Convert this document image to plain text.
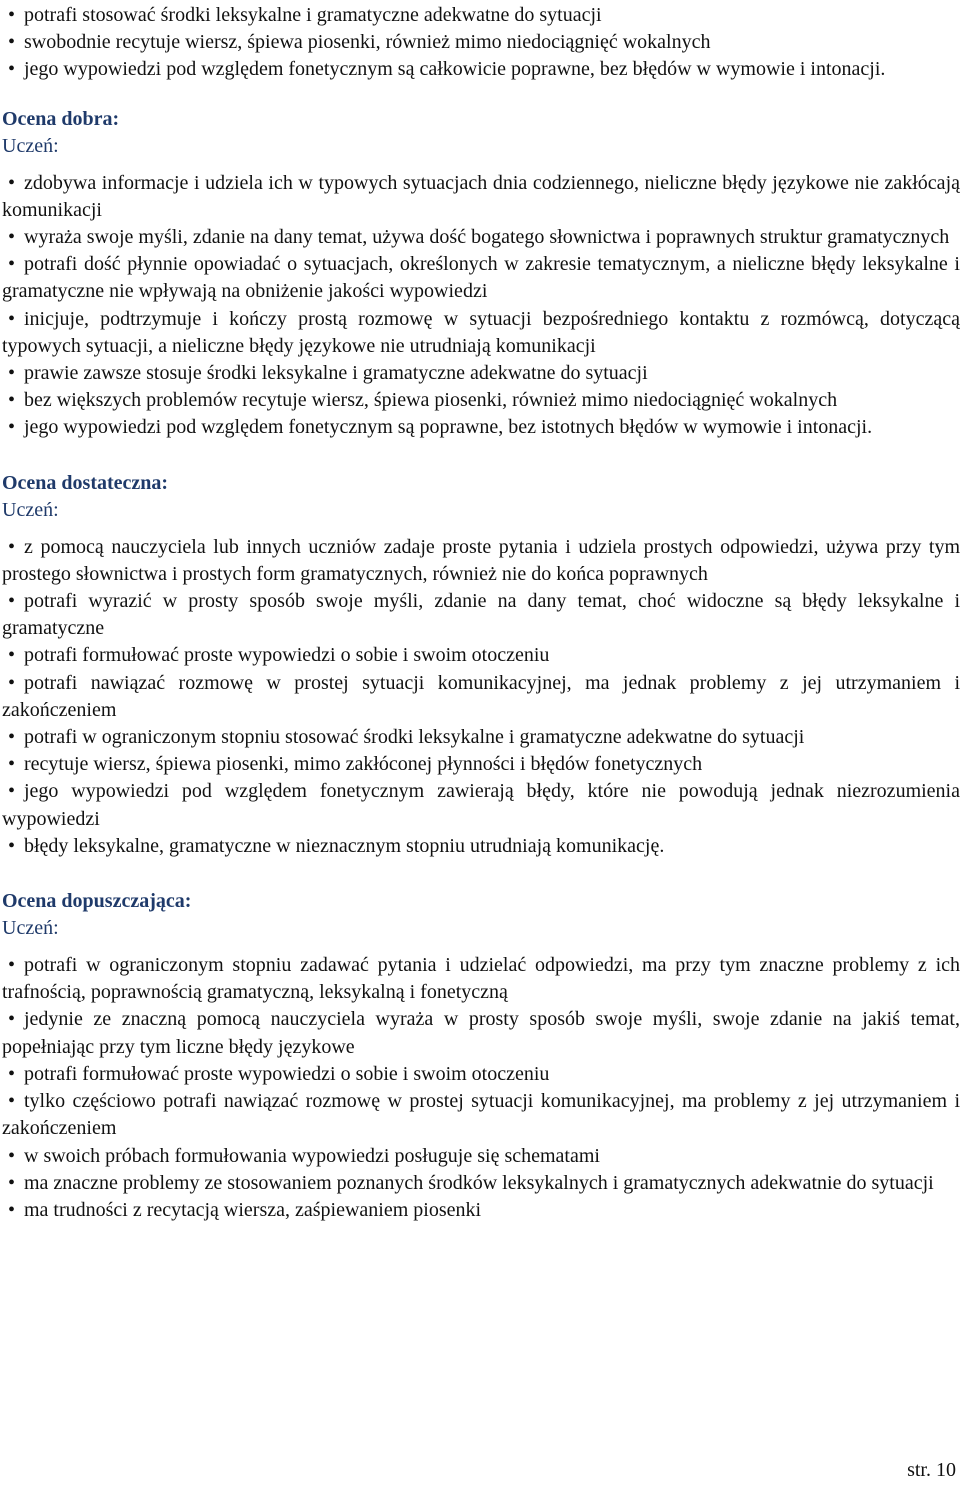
• potrafi stosować środki leksykalne i gramatyczne adekwatne do sytuacji

• swobodnie recytuje wiersz, śpiewa piosenki, również mimo niedociągnięć wokalnych

• jego wypowiedzi pod względem fonetycznym są całkowicie poprawne, bez błędów w wymowie i intonacji.

Ocena dobra:

Uczeń:

• zdobywa informacje i udziela ich w typowych sytuacjach dnia codziennego, nieliczne błędy językowe nie zakłócają komunikacji

• wyraża swoje myśli, zdanie na dany temat, używa dość bogatego słownictwa i poprawnych struktur gramatycznych

• potrafi dość płynnie opowiadać o sytuacjach, określonych w zakresie tematycznym, a nieliczne błędy leksykalne i gramatyczne nie wpływają na obniżenie jakości wypowiedzi

• inicjuje, podtrzymuje i kończy prostą rozmowę w sytuacji bezpośredniego kontaktu z rozmówcą, dotyczącą typowych sytuacji, a nieliczne błędy językowe nie utrudniają komunikacji

• prawie zawsze stosuje środki leksykalne i gramatyczne adekwatne do sytuacji

• bez większych problemów recytuje wiersz, śpiewa piosenki, również mimo niedociągnięć wokalnych

• jego wypowiedzi pod względem fonetycznym są poprawne, bez istotnych błędów w wymowie i intonacji.

Ocena dostateczna:

Uczeń:

• z pomocą nauczyciela lub innych uczniów zadaje proste pytania i udziela prostych odpowiedzi, używa przy tym prostego słownictwa i prostych form gramatycznych, również nie do końca poprawnych

• potrafi wyrazić w prosty sposób swoje myśli, zdanie na dany temat, choć widoczne są błędy leksykalne i gramatyczne

• potrafi formułować proste wypowiedzi o sobie i swoim otoczeniu

• potrafi nawiązać rozmowę w prostej sytuacji komunikacyjnej, ma jednak problemy z jej utrzymaniem i zakończeniem

• potrafi w ograniczonym stopniu stosować środki leksykalne i gramatyczne adekwatne do sytuacji

• recytuje wiersz, śpiewa piosenki, mimo zakłóconej płynności i błędów fonetycznych

• jego wypowiedzi pod względem fonetycznym zawierają błędy, które nie powodują jednak niezrozumienia wypowiedzi

• błędy leksykalne, gramatyczne w nieznacznym stopniu utrudniają komunikację.

Ocena dopuszczająca:

Uczeń:

• potrafi w ograniczonym stopniu zadawać pytania i udzielać odpowiedzi, ma przy tym znaczne problemy z ich trafnością, poprawnością gramatyczną, leksykalną i fonetyczną

• jedynie ze znaczną pomocą nauczyciela wyraża w prosty sposób swoje myśli, swoje zdanie na jakiś temat, popełniając przy tym liczne błędy językowe

• potrafi formułować proste wypowiedzi o sobie i swoim otoczeniu

• tylko częściowo potrafi nawiązać rozmowę w prostej sytuacji komunikacyjnej, ma problemy z jej utrzymaniem i zakończeniem

• w swoich próbach formułowania wypowiedzi posługuje się schematami

• ma znaczne problemy ze stosowaniem poznanych środków leksykalnych i gramatycznych adekwatnie do sytuacji

• ma trudności z recytacją wiersza, zaśpiewaniem piosenki

str. 10
